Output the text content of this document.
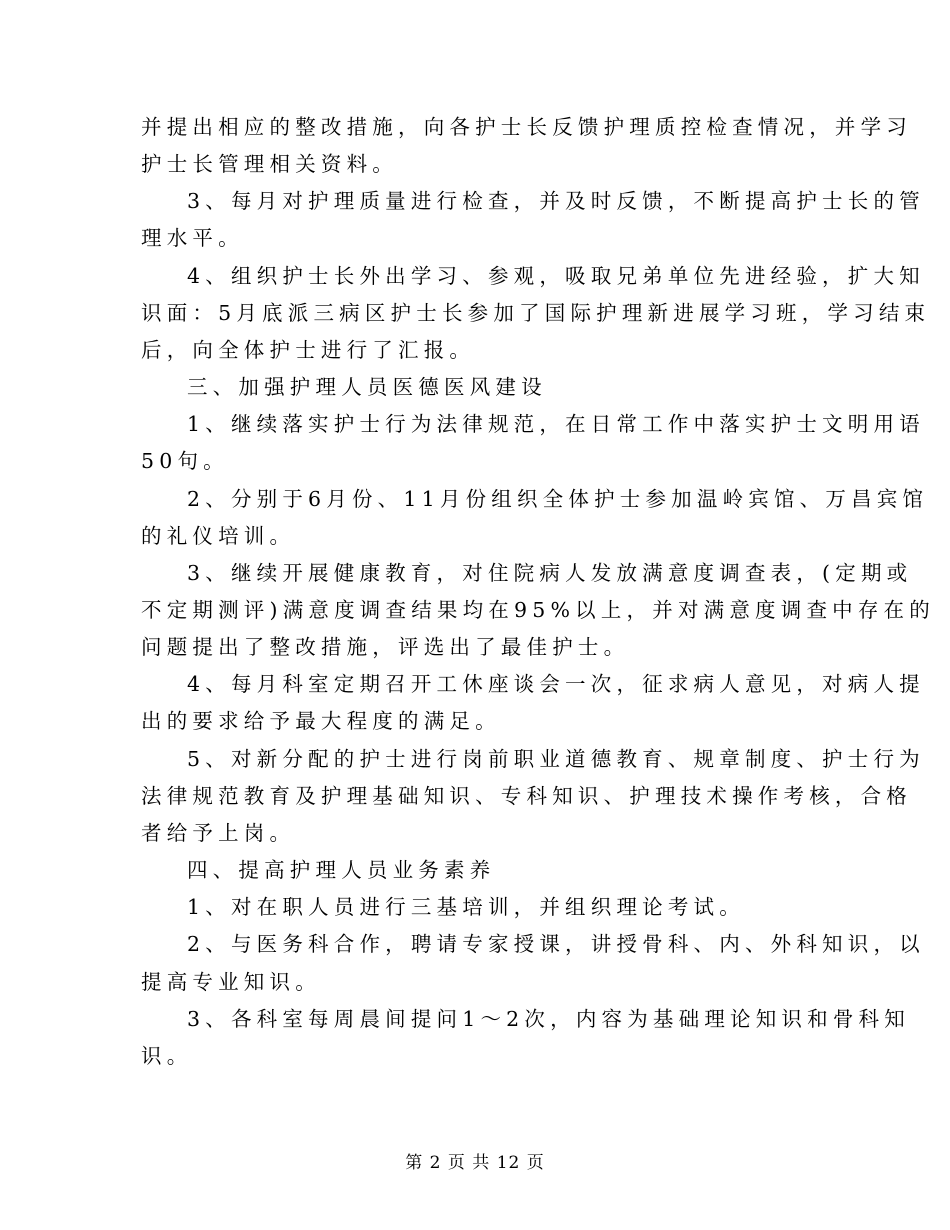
并提出相应的整改措施，向各护士长反馈护理质控检查情况，并学习
护士长管理相关资料。
3、每月对护理质量进行检查，并及时反馈，不断提高护士长的管
理水平。
4、组织护士长外出学习、参观，吸取兄弟单位先进经验，扩大知
识面：5月底派三病区护士长参加了国际护理新进展学习班，学习结束
后，向全体护士进行了汇报。
三、加强护理人员医德医风建设
1、继续落实护士行为法律规范，在日常工作中落实护士文明用语
50句。
2、分别于6月份、11月份组织全体护士参加温岭宾馆、万昌宾馆
的礼仪培训。
3、继续开展健康教育，对住院病人发放满意度调查表，(定期或
不定期测评)满意度调查结果均在95%以上，并对满意度调查中存在的
问题提出了整改措施，评选出了最佳护士。
4、每月科室定期召开工休座谈会一次，征求病人意见，对病人提
出的要求给予最大程度的满足。
5、对新分配的护士进行岗前职业道德教育、规章制度、护士行为
法律规范教育及护理基础知识、专科知识、护理技术操作考核，合格
者给予上岗。
四、提高护理人员业务素养
1、对在职人员进行三基培训，并组织理论考试。
2、与医务科合作，聘请专家授课，讲授骨科、内、外科知识，以
提高专业知识。
3、各科室每周晨间提问1～2次，内容为基础理论知识和骨科知
识。
第 2 页 共 12 页
